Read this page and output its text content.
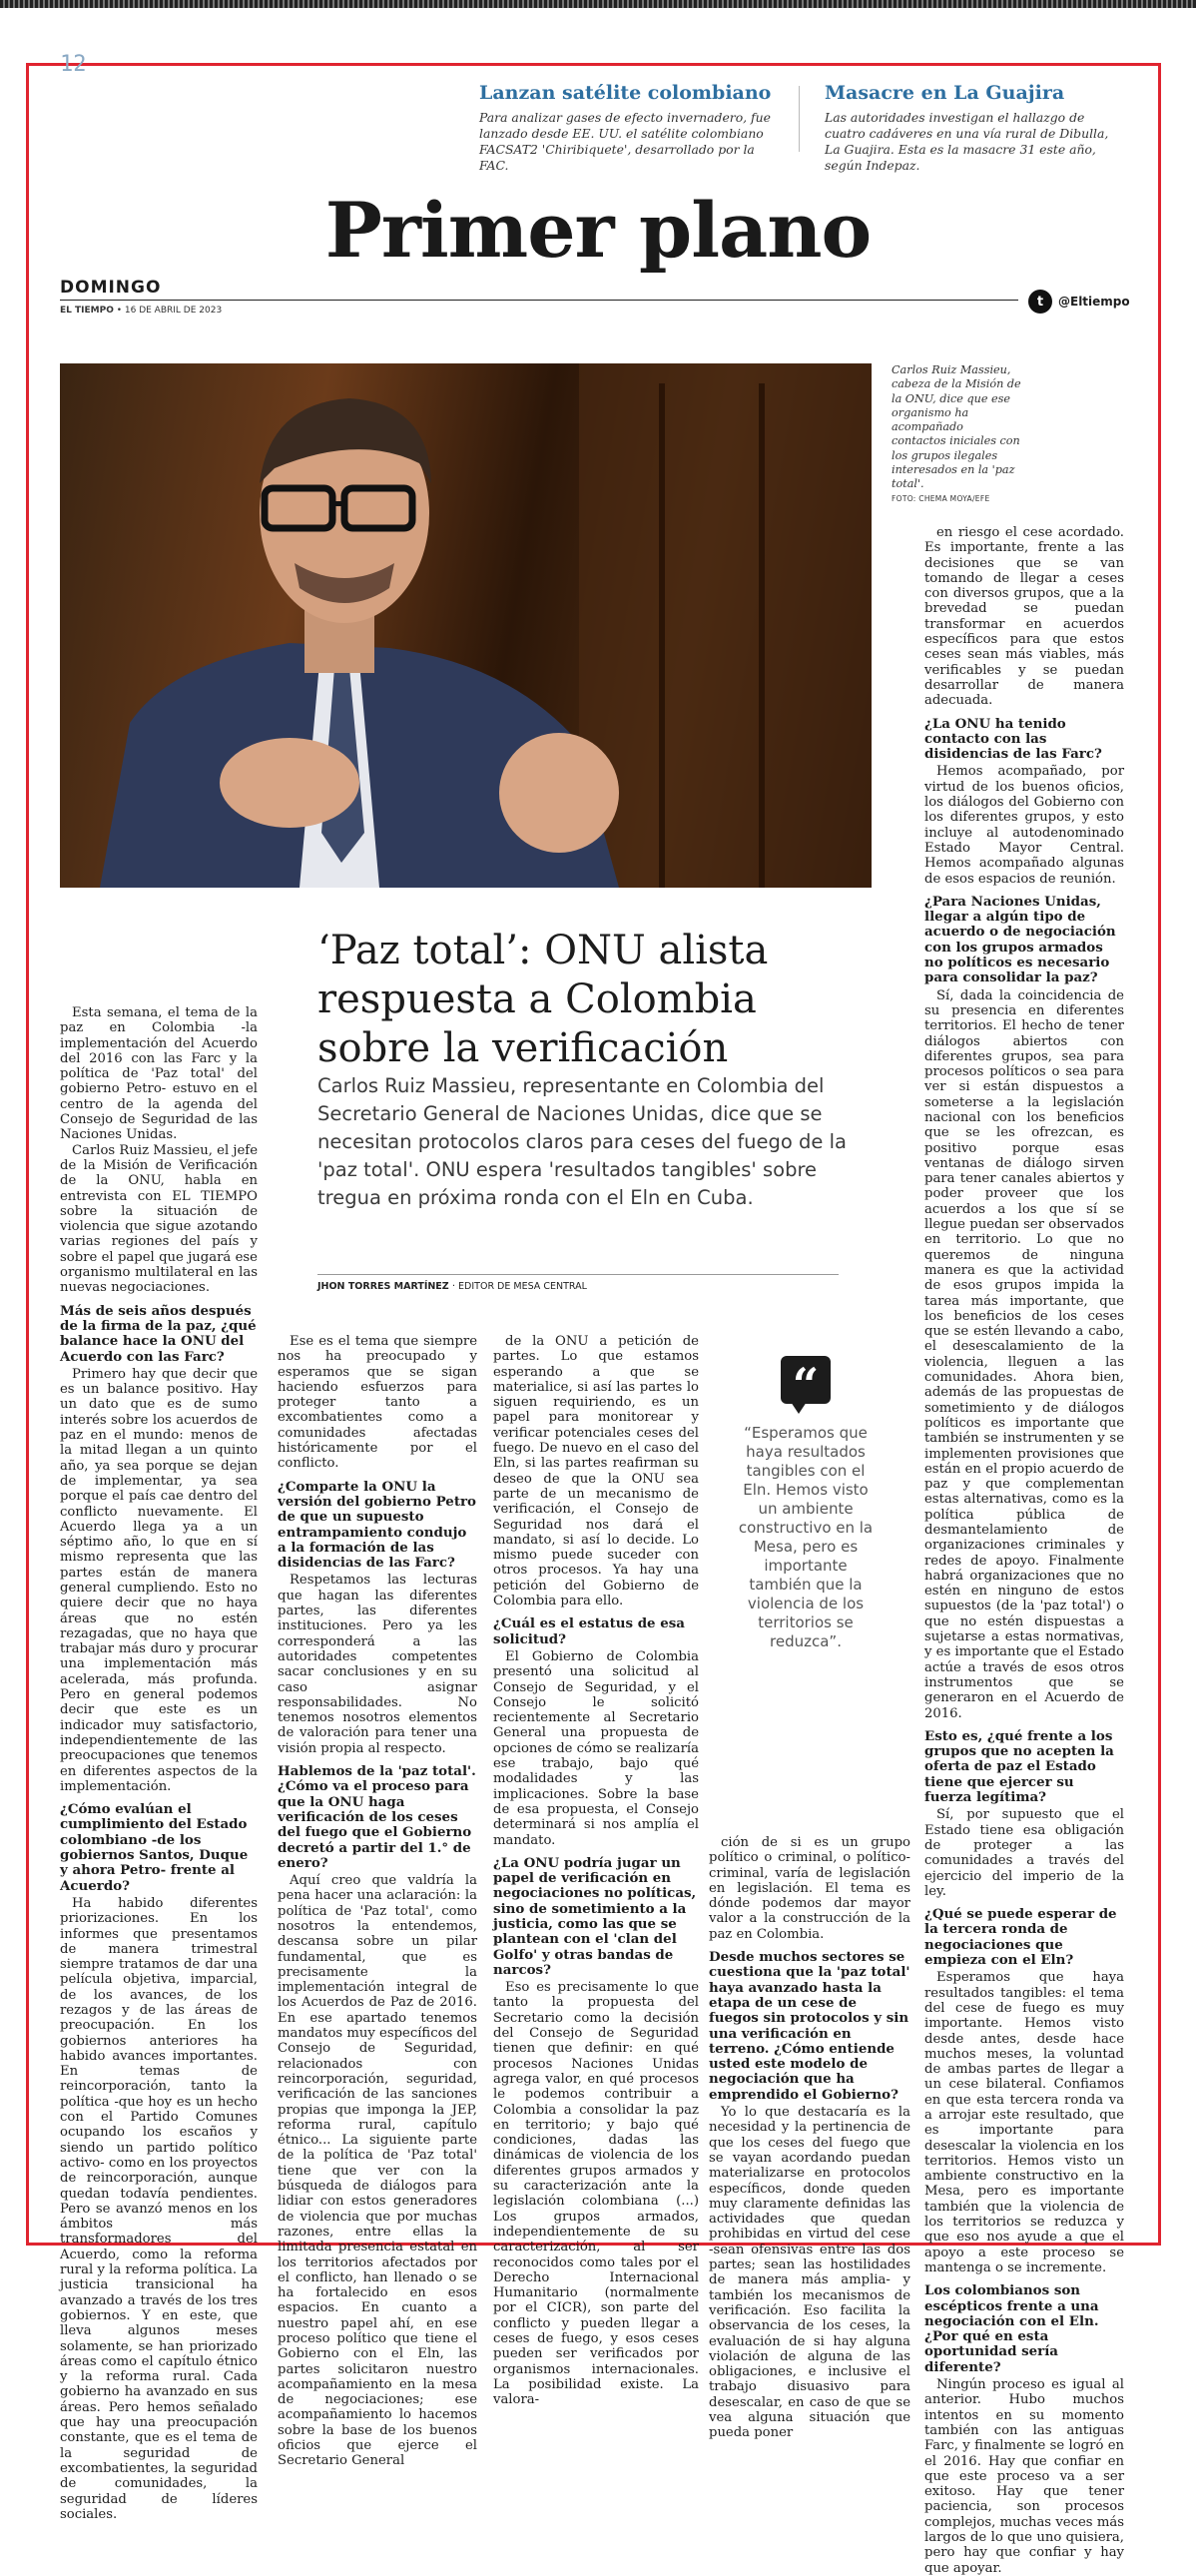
12
Lanzan satélite colombiano

Para analizar gases de efecto invernadero, fue lanzado desde EE. UU. el satélite colombiano FACSAT2 'Chiribiquete', desarrollado por la FAC.

Masacre en La Guajira

Las autoridades investigan el hallazgo de cuatro cadáveres en una vía rural de Dibulla, La Guajira. Esta es la masacre 31 este año, según Indepaz.

Primer plano
DOMINGO
EL TIEMPO • 16 DE ABRIL DE 2023
t	@Eltiempo
Carlos Ruiz Massieu, cabeza de la Misión de la ONU, dice que ese organismo ha acompañado contactos iniciales con los grupos ilegales interesados en la 'paz total'.
FOTO: CHEMA MOYA/EFE
‘Paz total’: ONU alista respuesta a Colombia sobre la verificación
Carlos Ruiz Massieu, representante en Colombia del Secretario General de Naciones Unidas, dice que se necesitan protocolos claros para ceses del fuego de la 'paz total'. ONU espera 'resultados tangibles' sobre tregua en próxima ronda con el Eln en Cuba.
JHON TORRES MARTÍNEZ · EDITOR DE MESA CENTRAL

Esta semana, el tema de la paz en Colombia -la implementación del Acuerdo del 2016 con las Farc y la política de 'Paz total' del gobierno Petro- estuvo en el centro de la agenda del Consejo de Seguridad de las Naciones Unidas.

Carlos Ruiz Massieu, el jefe de la Misión de Verificación de la ONU, habla en entrevista con EL TIEMPO sobre la situación de violencia que sigue azotando varias regiones del país y sobre el papel que jugará ese organismo multilateral en las nuevas negociaciones.

Más de seis años después de la firma de la paz, ¿qué balance hace la ONU del Acuerdo con las Farc?

Primero hay que decir que es un balance positivo. Hay un dato que es de sumo interés sobre los acuerdos de paz en el mundo: menos de la mitad llegan a un quinto año, ya sea porque se dejan de implementar, ya sea porque el país cae dentro del conflicto nuevamente. El Acuerdo llega ya a un séptimo año, lo que en sí mismo representa que las partes están de manera general cumpliendo. Esto no quiere decir que no haya áreas que no estén rezagadas, que no haya que trabajar más duro y procurar una implementación más acelerada, más profunda. Pero en general podemos decir que este es un indicador muy satisfactorio, independientemente de las preocupaciones que tenemos en diferentes aspectos de la implementación.

¿Cómo evalúan el cumplimiento del Estado colombiano -de los gobiernos Santos, Duque y ahora Petro- frente al Acuerdo?

Ha habido diferentes priorizaciones. En los informes que presentamos de manera trimestral siempre tratamos de dar una película objetiva, imparcial, de los avances, de los rezagos y de las áreas de preocupación. En los gobiernos anteriores ha habido avances importantes. En temas de reincorporación, tanto la política -que hoy es un hecho con el Partido Comunes ocupando los escaños y siendo un partido político activo- como en los proyectos de reincorporación, aunque quedan todavía pendientes. Pero se avanzó menos en los ámbitos más transformadores del Acuerdo, como la reforma rural y la reforma política. La justicia transicional ha avanzado a través de los tres gobiernos. Y en este, que lleva algunos meses solamente, se han priorizado áreas como el capítulo étnico y la reforma rural. Cada gobierno ha avanzado en sus áreas. Pero hemos señalado que hay una preocupación constante, que es el tema de la seguridad de excombatientes, la seguridad de comunidades, la seguridad de líderes sociales.

Ese es el tema que siempre nos ha preocupado y esperamos que se sigan haciendo esfuerzos para proteger tanto a excombatientes como a comunidades afectadas históricamente por el conflicto.

¿Comparte la ONU la versión del gobierno Petro de que un supuesto entrampamiento condujo a la formación de las disidencias de las Farc?

Respetamos las lecturas que hagan las diferentes partes, las diferentes instituciones. Pero ya les corresponderá a las autoridades competentes sacar conclusiones y en su caso asignar responsabilidades. No tenemos nosotros elementos de valoración para tener una visión propia al respecto.

Hablemos de la 'paz total'. ¿Cómo va el proceso para que la ONU haga verificación de los ceses del fuego que el Gobierno decretó a partir del 1.° de enero?

Aquí creo que valdría la pena hacer una aclaración: la política de 'Paz total', como nosotros la entendemos, descansa sobre un pilar fundamental, que es precisamente la implementación integral de los Acuerdos de Paz de 2016. En ese apartado tenemos mandatos muy específicos del Consejo de Seguridad, relacionados con reincorporación, seguridad, verificación de las sanciones propias que imponga la JEP, reforma rural, capítulo étnico... La siguiente parte de la política de 'Paz total' tiene que ver con la búsqueda de diálogos para lidiar con estos generadores de violencia que por muchas razones, entre ellas la limitada presencia estatal en los territorios afectados por el conflicto, han llenado o se ha fortalecido en esos espacios. En cuanto a nuestro papel ahí, en ese proceso político que tiene el Gobierno con el Eln, las partes solicitaron nuestro acompañamiento en la mesa de negociaciones; ese acompañamiento lo hacemos sobre la base de los buenos oficios que ejerce el Secretario General

de la ONU a petición de partes. Lo que estamos esperando a que se materialice, si así las partes lo siguen requiriendo, es un papel para monitorear y verificar potenciales ceses del fuego. De nuevo en el caso del Eln, si las partes reafirman su deseo de que la ONU sea parte de un mecanismo de verificación, el Consejo de Seguridad nos dará el mandato, si así lo decide. Lo mismo puede suceder con otros procesos. Ya hay una petición del Gobierno de Colombia para ello.

¿Cuál es el estatus de esa solicitud?

El Gobierno de Colombia presentó una solicitud al Consejo de Seguridad, y el Consejo le solicitó recientemente al Secretario General una propuesta de opciones de cómo se realizaría ese trabajo, bajo qué modalidades y las implicaciones. Sobre la base de esa propuesta, el Consejo determinará si nos amplía el mandato.

¿La ONU podría jugar un papel de verificación en negociaciones no políticas, sino de sometimiento a la justicia, como las que se plantean con el 'clan del Golfo' y otras bandas de narcos?

Eso es precisamente lo que tanto la propuesta del Secretario como la decisión del Consejo de Seguridad tienen que definir: en qué procesos Naciones Unidas agrega valor, en qué procesos le podemos contribuir a Colombia a consolidar la paz en territorio; y bajo qué condiciones, dadas las dinámicas de violencia de los diferentes grupos armados y su caracterización ante la legislación colombiana (...) Los grupos armados, independientemente de su caracterización, al ser reconocidos como tales por el Derecho Internacional Humanitario (normalmente por el CICR), son parte del conflicto y pueden llegar a ceses de fuego, y esos ceses pueden ser verificados por organismos internacionales. La posibilidad existe. La valora-

ción de si es un grupo político o criminal, o político-criminal, varía de legislación en legislación. El tema es dónde podemos dar mayor valor a la construcción de la paz en Colombia.

Desde muchos sectores se cuestiona que la 'paz total' haya avanzado hasta la etapa de un cese de fuegos sin protocolos y sin una verificación en terreno. ¿Cómo entiende usted este modelo de negociación que ha emprendido el Gobierno?

Yo lo que destacaría es la necesidad y la pertinencia de que los ceses del fuego que se vayan acordando puedan materializarse en protocolos específicos, donde queden muy claramente definidas las actividades que quedan prohibidas en virtud del cese -sean ofensivas entre las dos partes; sean las hostilidades de manera más amplia- y también los mecanismos de verificación. Eso facilita la observancia de los ceses, la evaluación de si hay alguna violación de alguna de las obligaciones, e inclusive el trabajo disuasivo para desescalar, en caso de que se vea alguna situación que pueda poner

en riesgo el cese acordado. Es importante, frente a las decisiones que se van tomando de llegar a ceses con diversos grupos, que a la brevedad se puedan transformar en acuerdos específicos para que estos ceses sean más viables, más verificables y se puedan desarrollar de manera adecuada.

¿La ONU ha tenido contacto con las disidencias de las Farc?

Hemos acompañado, por virtud de los buenos oficios, los diálogos del Gobierno con los diferentes grupos, y esto incluye al autodenominado Estado Mayor Central. Hemos acompañado algunas de esos espacios de reunión.

¿Para Naciones Unidas, llegar a algún tipo de acuerdo o de negociación con los grupos armados no políticos es necesario para consolidar la paz?

Sí, dada la coincidencia de su presencia en diferentes territorios. El hecho de tener diálogos abiertos con diferentes grupos, sea para procesos políticos o sea para ver si están dispuestos a someterse a la legislación nacional con los beneficios que se les ofrezcan, es positivo porque esas ventanas de diálogo sirven para tener canales abiertos y poder proveer que los acuerdos a los que sí se llegue puedan ser observados en territorio. Lo que no queremos de ninguna manera es que la actividad de esos grupos impida la tarea más importante, que los beneficios de los ceses que se estén llevando a cabo, el desescalamiento de la violencia, lleguen a las comunidades. Ahora bien, además de las propuestas de sometimiento y de diálogos políticos es importante que también se instrumenten y se implementen provisiones que están en el propio acuerdo de paz y que complementan estas alternativas, como es la política pública de desmantelamiento de organizaciones criminales y redes de apoyo. Finalmente habrá organizaciones que no estén en ninguno de estos supuestos (de la 'paz total') o que no estén dispuestas a sujetarse a estas normativas, y es importante que el Estado actúe a través de esos otros instrumentos que se generaron en el Acuerdo de 2016.

Esto es, ¿qué frente a los grupos que no acepten la oferta de paz el Estado tiene que ejercer su fuerza legítima?

Sí, por supuesto que el Estado tiene esa obligación de proteger a las comunidades a través del ejercicio del imperio de la ley.

¿Qué se puede esperar de la tercera ronda de negociaciones que empieza con el Eln?

Esperamos que haya resultados tangibles: el tema del cese de fuego es muy importante. Hemos visto desde antes, desde hace muchos meses, la voluntad de ambas partes de llegar a un cese bilateral. Confiamos en que esta tercera ronda va a arrojar este resultado, que es importante para desescalar la violencia en los territorios. Hemos visto un ambiente constructivo en la Mesa, pero es importante también que la violencia de los territorios se reduzca y que eso nos ayude a que el apoyo a este proceso se mantenga o se incremente.

Los colombianos son escépticos frente a una negociación con el Eln. ¿Por qué en esta oportunidad sería diferente?

Ningún proceso es igual al anterior. Hubo muchos intentos en su momento también con las antiguas Farc, y finalmente se logró en el 2016. Hay que confiar en que este proceso va a ser exitoso. Hay que tener paciencia, son procesos complejos, muchas veces más largos de lo que uno quisiera, pero hay que confiar y hay que apoyar.

“
“Esperamos que haya resultados tangibles con el Eln. Hemos visto un ambiente constructivo en la Mesa, pero es importante también que la violencia de los territorios se reduzca”.
